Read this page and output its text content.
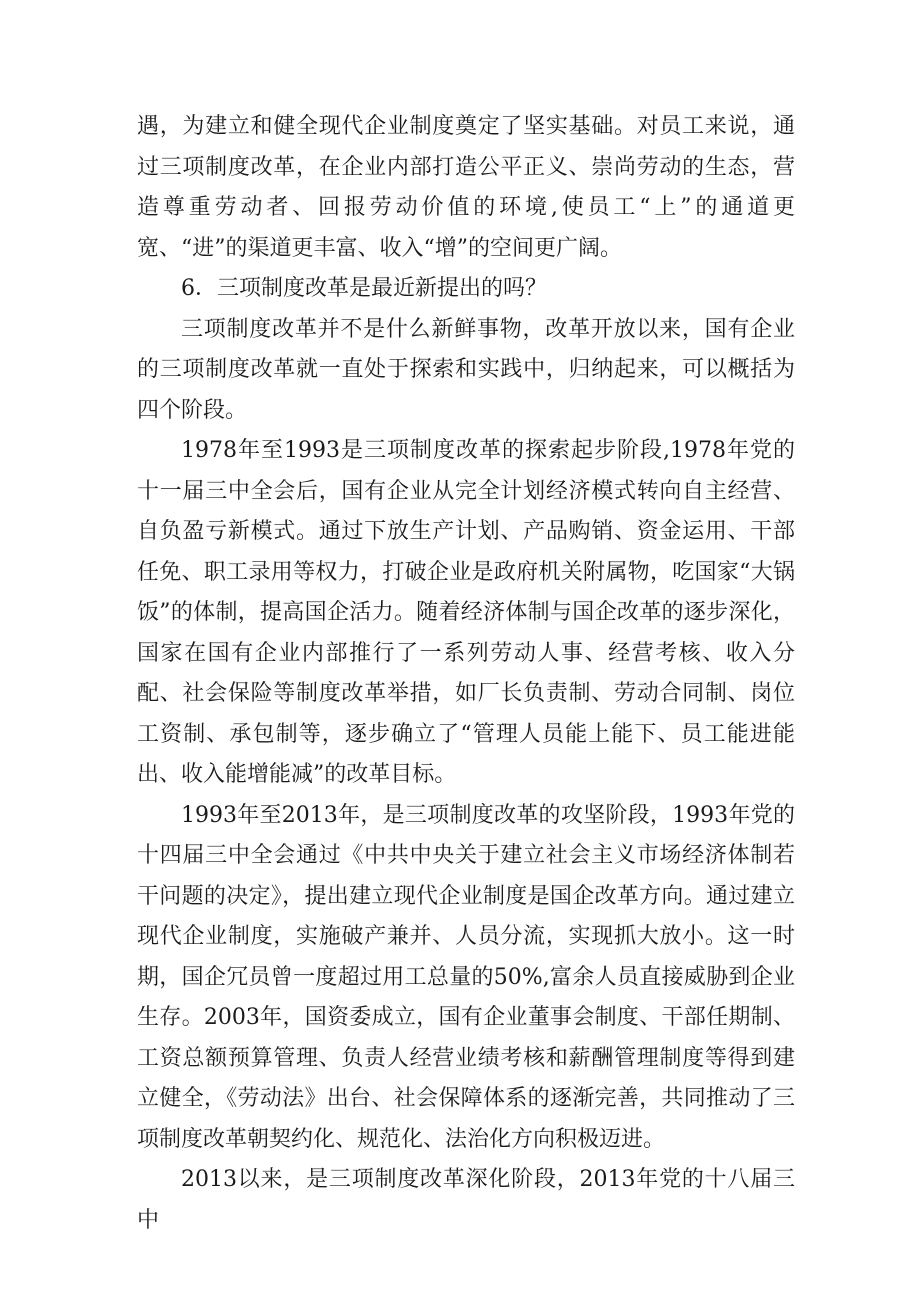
遇，为建立和健全现代企业制度奠定了坚实基础。对员工来说，通过三项制度改革，在企业内部打造公平正义、崇尚劳动的生态，营造尊重劳动者、回报劳动价值的环境,使员工“上”的通道更宽、“进”的渠道更丰富、收入“增”的空间更广阔。

6．三项制度改革是最近新提出的吗？

三项制度改革并不是什么新鲜事物，改革开放以来，国有企业的三项制度改革就一直处于探索和实践中，归纳起来，可以概括为四个阶段。

1978年至1993是三项制度改革的探索起步阶段,1978年党的十一届三中全会后，国有企业从完全计划经济模式转向自主经营、自负盈亏新模式。通过下放生产计划、产品购销、资金运用、干部任免、职工录用等权力，打破企业是政府机关附属物，吃国家“大锅饭”的体制，提高国企活力。随着经济体制与国企改革的逐步深化，国家在国有企业内部推行了一系列劳动人事、经营考核、收入分配、社会保险等制度改革举措，如厂长负责制、劳动合同制、岗位工资制、承包制等，逐步确立了“管理人员能上能下、员工能进能出、收入能增能减”的改革目标。

1993年至2013年，是三项制度改革的攻坚阶段，1993年党的十四届三中全会通过《中共中央关于建立社会主义市场经济体制若干问题的决定》，提出建立现代企业制度是国企改革方向。通过建立现代企业制度，实施破产兼并、人员分流，实现抓大放小。这一时期，国企冗员曾一度超过用工总量的50%,富余人员直接威胁到企业生存。2003年，国资委成立，国有企业董事会制度、干部任期制、工资总额预算管理、负责人经营业绩考核和薪酬管理制度等得到建立健全，《劳动法》出台、社会保障体系的逐渐完善，共同推动了三项制度改革朝契约化、规范化、法治化方向积极迈进。

2013以来，是三项制度改革深化阶段，2013年党的十八届三中
